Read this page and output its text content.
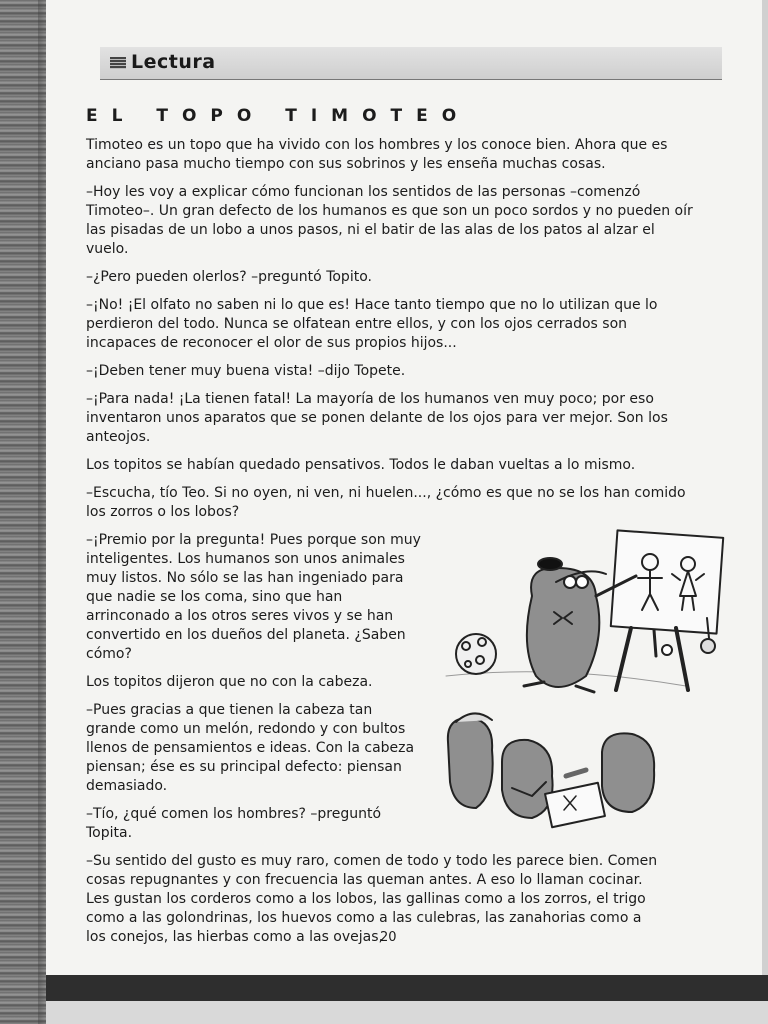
Lectura
EL TOPO TIMOTEO

Timoteo es un topo que ha vivido con los hombres y los conoce bien. Ahora que es anciano pasa mucho tiempo con sus sobrinos y les enseña muchas cosas.

–Hoy les voy a explicar cómo funcionan los sentidos de las personas –comenzó Timoteo–. Un gran defecto de los humanos es que son un poco sordos y no pueden oír las pisadas de un lobo a unos pasos, ni el batir de las alas de los patos al alzar el vuelo.

–¿Pero pueden olerlos? –preguntó Topito.

–¡No! ¡El olfato no saben ni lo que es! Hace tanto tiempo que no lo utilizan que lo perdieron del todo. Nunca se olfatean entre ellos, y con los ojos cerrados son incapaces de reconocer el olor de sus propios hijos...

–¡Deben tener muy buena vista! –dijo Topete.

–¡Para nada! ¡La tienen fatal! La mayoría de los humanos ven muy poco; por eso inventaron unos aparatos que se ponen delante de los ojos para ver mejor. Son los anteojos.

Los topitos se habían quedado pensativos. Todos le daban vueltas a lo mismo.

–Escucha, tío Teo. Si no oyen, ni ven, ni huelen..., ¿cómo es que no se los han comido los zorros o los lobos?

–¡Premio por la pregunta! Pues porque son muy inteligentes. Los humanos son unos animales muy listos. No sólo se las han ingeniado para que nadie se los coma, sino que han arrinconado a los otros seres vivos y se han convertido en los dueños del planeta. ¿Saben cómo?

Los topitos dijeron que no con la cabeza.

–Pues gracias a que tienen la cabeza tan grande como un melón, redondo y con bultos llenos de pensamientos e ideas. Con la cabeza piensan; ése es su principal defecto: piensan demasiado.

–Tío, ¿qué comen los hombres? –preguntó Topita.

–Su sentido del gusto es muy raro, comen de todo y todo les parece bien. Comen cosas repugnantes y con frecuencia las queman antes. A eso lo llaman cocinar. Les gustan los corderos como a los lobos, las gallinas como a los zorros, el trigo como a las golondrinas, los huevos como a las culebras, las zanahorias como a los conejos, las hierbas como a las ovejas,

20
